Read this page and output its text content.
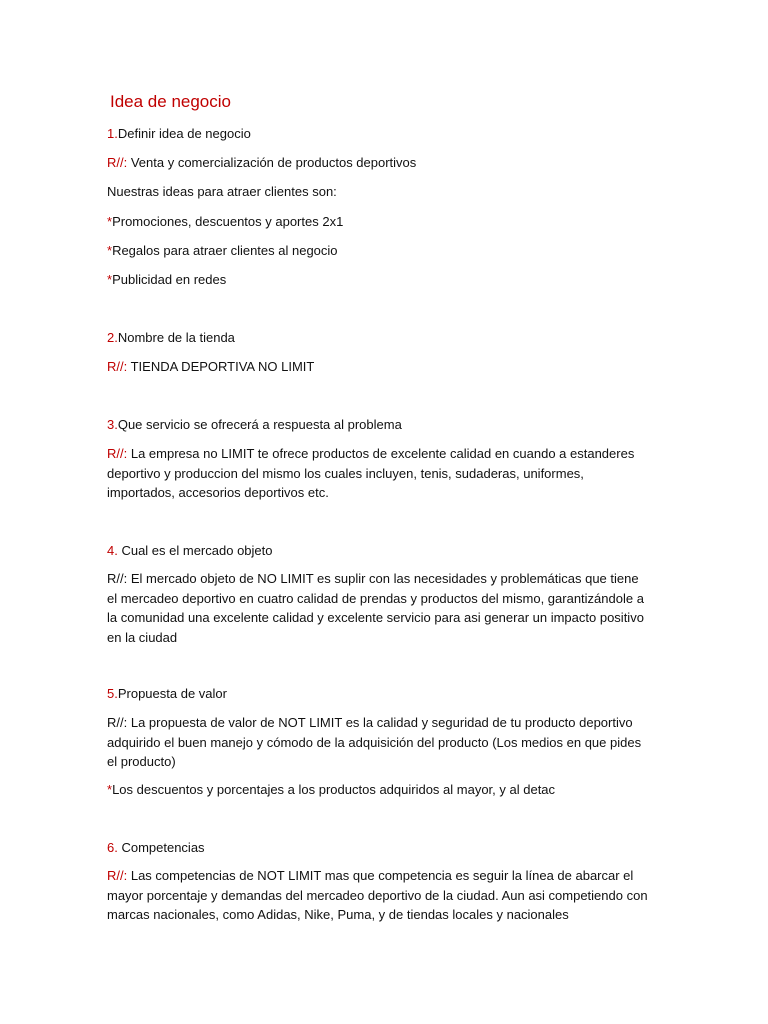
Idea de negocio
1.Definir idea de negocio
R//: Venta y comercialización de productos deportivos
Nuestras ideas para atraer clientes son:
*Promociones, descuentos y aportes 2x1
*Regalos para atraer clientes al negocio
*Publicidad en redes
2.Nombre de la tienda
R//: TIENDA DEPORTIVA NO LIMIT
3.Que servicio se ofrecerá a respuesta al problema
R//: La empresa no LIMIT te ofrece productos de excelente calidad en cuando a estanderes deportivo y produccion del mismo los cuales incluyen, tenis, sudaderas, uniformes, importados, accesorios deportivos etc.
4. Cual es el mercado objeto
R//: El mercado objeto de NO LIMIT es suplir con las necesidades y problemáticas que tiene el mercadeo deportivo en cuatro calidad de prendas y productos del mismo, garantizándole a la comunidad una excelente calidad y excelente servicio para asi generar un impacto positivo en la ciudad
5.Propuesta de valor
R//: La propuesta de valor de NOT LIMIT es la calidad y seguridad de tu producto deportivo adquirido el buen manejo y cómodo de la adquisición del producto (Los medios en que pides el producto)
*Los descuentos y porcentajes a los productos adquiridos al mayor, y al detac
6. Competencias
R//: Las competencias de NOT LIMIT mas que competencia es seguir la línea de abarcar el mayor porcentaje y demandas del mercadeo deportivo de la ciudad. Aun asi competiendo con marcas nacionales, como Adidas, Nike, Puma, y de tiendas locales y nacionales
